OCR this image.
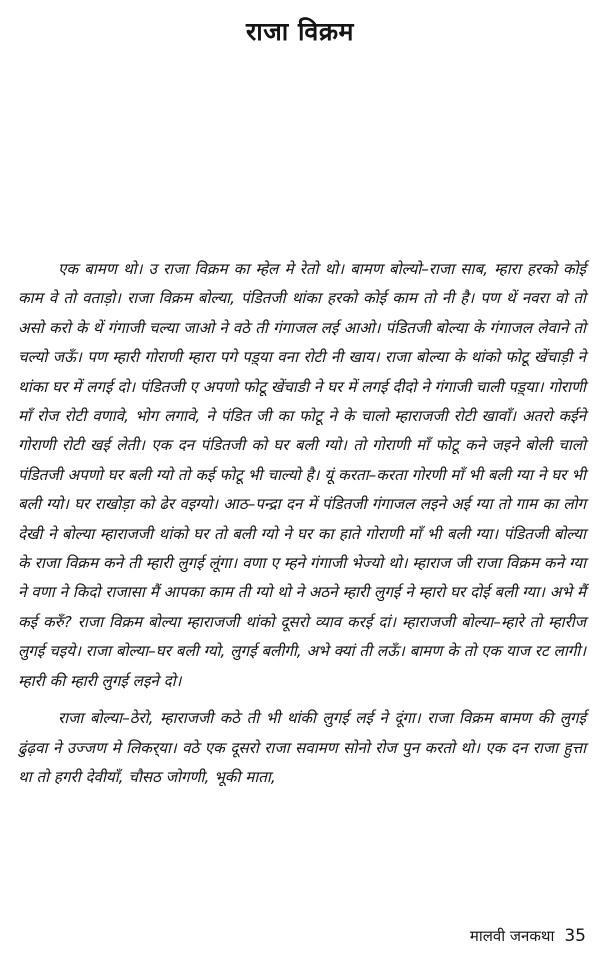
राजा विक्रम

एक बामण थो। उ राजा विक्रम का म्हेल मे रेतो थो। बामण बोल्यो–राजा साब, म्हारा हरको कोई काम वे तो वताड़ो। राजा विक्रम बोल्या, पंडितजी थांका हरको कोई काम तो नी है। पण थें नवरा वो तो असो करो के थें गंगाजी चल्या जाओ ने वठे ती गंगाजल लई आओ। पंडितजी बोल्या के गंगाजल लेवाने तो चल्यो जऊँ। पण म्हारी गोराणी म्हारा पगे पड़्या वना रोटी नी खाय। राजा बोल्या के थांको फोटू खेंचाड़ी ने थांका घर में लगई दो। पंडितजी ए अपणो फोटू खेंचाडी ने घर में लगई दीदो ने गंगाजी चाली पड़्या। गोराणी माँ रोज रोटी वणावे, भोग लगावे, ने पंडित जी का फोटू ने के चालो म्हाराजजी रोटी खावाँ। अतरो कईने गोराणी रोटी खई लेती। एक दन पंडितजी को घर बली ग्यो। तो गोराणी माँ फोटू कने जइने बोली चालो पंडितजी अपणो घर बली ग्यो तो कई फोटू भी चाल्यो है। यूं करता–करता गोरणी माँ भी बली ग्या ने घर भी बली ग्यो। घर राखोड़ा को ढेर वइग्यो। आठ–पन्द्रा दन में पंडितजी गंगाजल लइने अई ग्या तो गाम का लोग देखी ने बोल्या म्हाराजजी थांको घर तो बली ग्यो ने घर का हाते गोराणी माँ भी बली ग्या। पंडितजी बोल्या के राजा विक्रम कने ती म्हारी लुगई लूंगा। वणा ए म्हने गंगाजी भेज्यो थो। म्हाराज जी राजा विक्रम कने ग्या ने वणा ने किदो राजासा मैं आपका काम ती ग्यो थो ने अठने म्हारी लुगई ने म्हारो घर दोई बली ग्या। अभे मैं कई करुँ? राजा विक्रम बोल्या म्हाराजजी थांको दूसरो व्याव करई दां। म्हाराजजी बोल्या–म्हारे तो म्हारीज लुगई चइये। राजा बोल्या–घर बली ग्यो, लुगई बलीगी, अभे क्यां ती लऊँ। बामण के तो एक याज रट लागी। म्हारी की म्हारी लुगई लइने दो।

राजा बोल्या–ठेरो, म्हाराजजी कठे ती भी थांकी लुगई लई ने दूंगा। राजा विक्रम बामण की लुगई ढुंढ़वा ने उज्जण मे लिकर्‌या। वठे एक दूसरो राजा सवामण सोनो रोज पुन करतो थो। एक दन राजा हुत्ता था तो हगरी देवीयाँ, चौसठ जोगणी, भूकी माता,

मालवी जनकथा 35
